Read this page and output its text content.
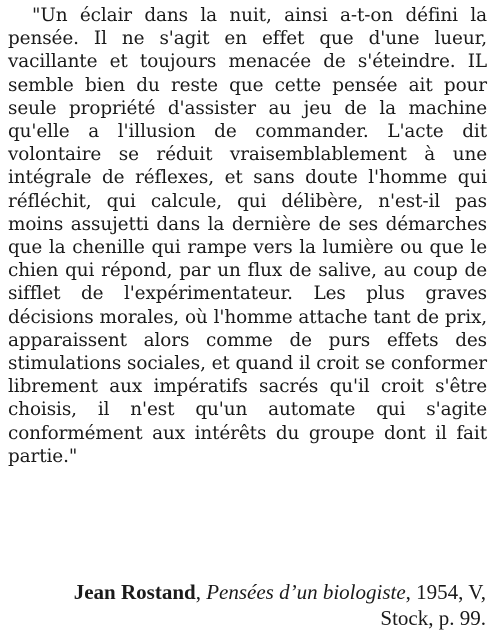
"Un éclair dans la nuit, ainsi a-t-on défini la pensée. Il ne s'agit en effet que d'une lueur, vacillante et toujours menacée de s'éteindre. IL semble bien du reste que cette pensée ait pour seule propriété d'assister au jeu de la machine qu'elle a l'illusion de commander. L'acte dit volontaire se réduit vraisemblablement à une intégrale de réflexes, et sans doute l'homme qui réfléchit, qui calcule, qui délibère, n'est-il pas moins assujetti dans la dernière de ses démarches que la chenille qui rampe vers la lumière ou que le chien qui répond, par un flux de salive, au coup de sifflet de l'expérimentateur. Les plus graves décisions morales, où l'homme attache tant de prix, apparaissent alors comme de purs effets des stimulations sociales, et quand il croit se conformer librement aux impératifs sacrés qu'il croit s'être choisis, il n'est qu'un automate qui s'agite conformément aux intérêts du groupe dont il fait partie."

Jean Rostand, Pensées d’un biologiste, 1954, V, Stock, p. 99.
